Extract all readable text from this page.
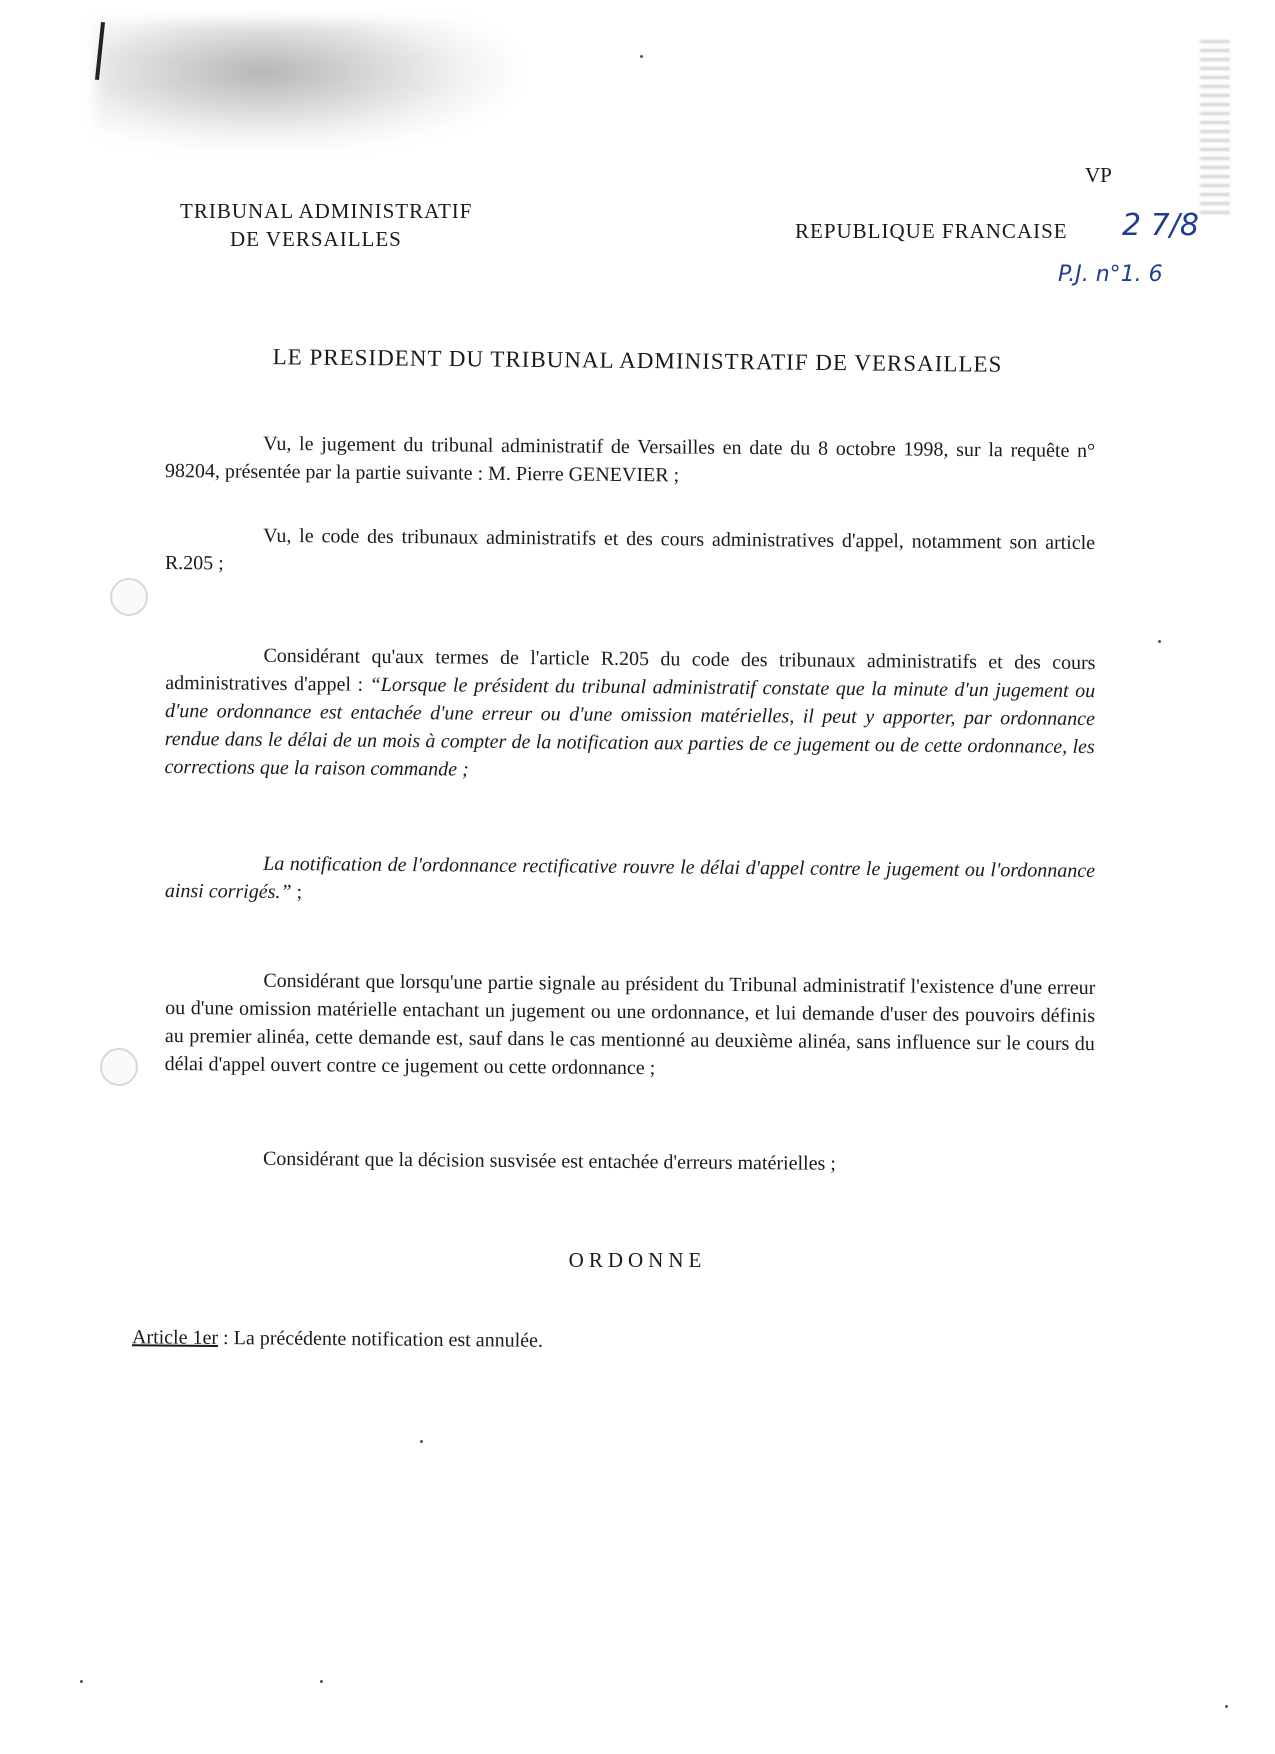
TRIBUNAL ADMINISTRATIF
DE VERSAILLES
VP
REPUBLIQUE FRANCAISE 2 7/8
P.J. n°1. 6
LE PRESIDENT DU TRIBUNAL ADMINISTRATIF DE VERSAILLES
Vu, le jugement du tribunal administratif de Versailles en date du 8 octobre 1998, sur la requête n° 98204, présentée par la partie suivante : M. Pierre GENEVIER ;
Vu, le code des tribunaux administratifs et des cours administratives d'appel, notamment son article R.205 ;
Considérant qu'aux termes de l'article R.205 du code des tribunaux administratifs et des cours administratives d'appel : “Lorsque le président du tribunal administratif constate que la minute d'un jugement ou d'une ordonnance est entachée d'une erreur ou d'une omission matérielles, il peut y apporter, par ordonnance rendue dans le délai de un mois à compter de la notification aux parties de ce jugement ou de cette ordonnance, les corrections que la raison commande ;
La notification de l'ordonnance rectificative rouvre le délai d'appel contre le jugement ou l'ordonnance ainsi corrigés.” ;
Considérant que lorsqu'une partie signale au président du Tribunal administratif l'existence d'une erreur ou d'une omission matérielle entachant un jugement ou une ordonnance, et lui demande d'user des pouvoirs définis au premier alinéa, cette demande est, sauf dans le cas mentionné au deuxième alinéa, sans influence sur le cours du délai d'appel ouvert contre ce jugement ou cette ordonnance ;
Considérant que la décision susvisée est entachée d'erreurs matérielles ;
ORDONNE
Article 1er : La précédente notification est annulée.
